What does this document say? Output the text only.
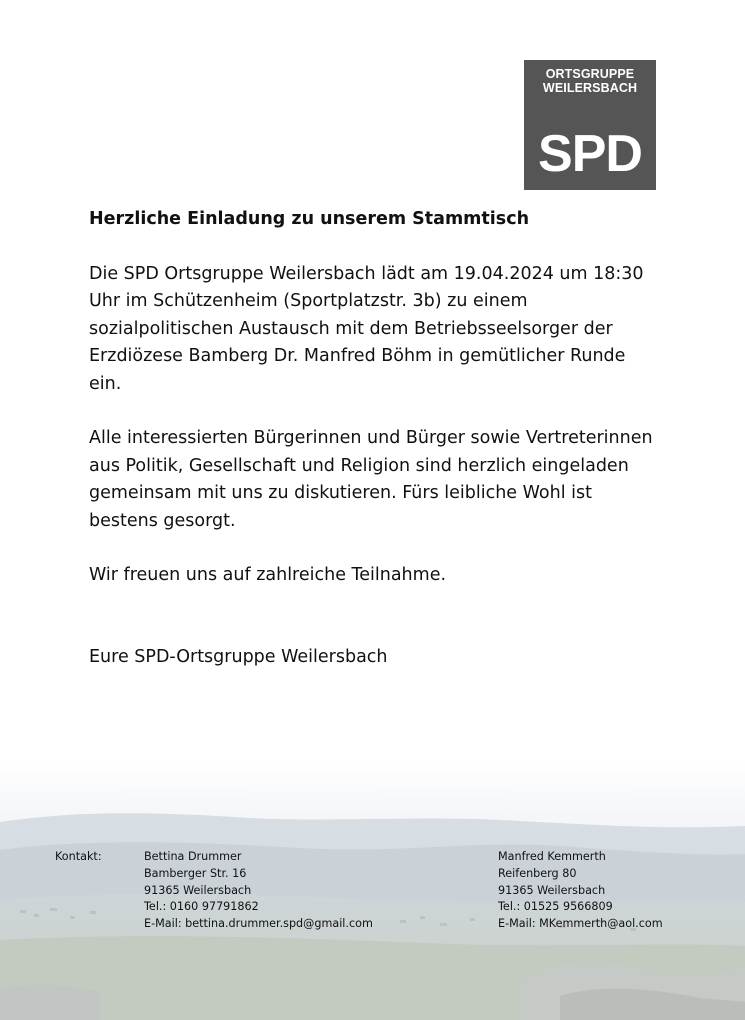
ORTSGRUPPE
WEILERSBACH
SPD
Herzliche Einladung zu unserem Stammtisch

Die SPD Ortsgruppe Weilersbach lädt am 19.04.2024 um 18:30 Uhr im Schützenheim (Sportplatzstr. 3b) zu einem sozialpolitischen Austausch mit dem Betriebsseelsorger der Erzdiözese Bamberg Dr. Manfred Böhm in gemütlicher Runde ein.

Alle interessierten Bürgerinnen und Bürger sowie Vertreterinnen aus Politik, Gesellschaft und Religion sind herzlich eingeladen gemeinsam mit uns zu diskutieren. Fürs leibliche Wohl ist bestens gesorgt.

Wir freuen uns auf zahlreiche Teilnahme.

Eure SPD-Ortsgruppe Weilersbach

Kontakt:	Bettina Drummer
Bamberger Str. 16
91365 Weilersbach
Tel.: 0160 97791862
E-Mail: bettina.drummer.spd@gmail.com
Manfred Kemmerth
Reifenberg 80
91365 Weilersbach
Tel.: 01525 9566809
E-Mail: MKemmerth@aol.com
